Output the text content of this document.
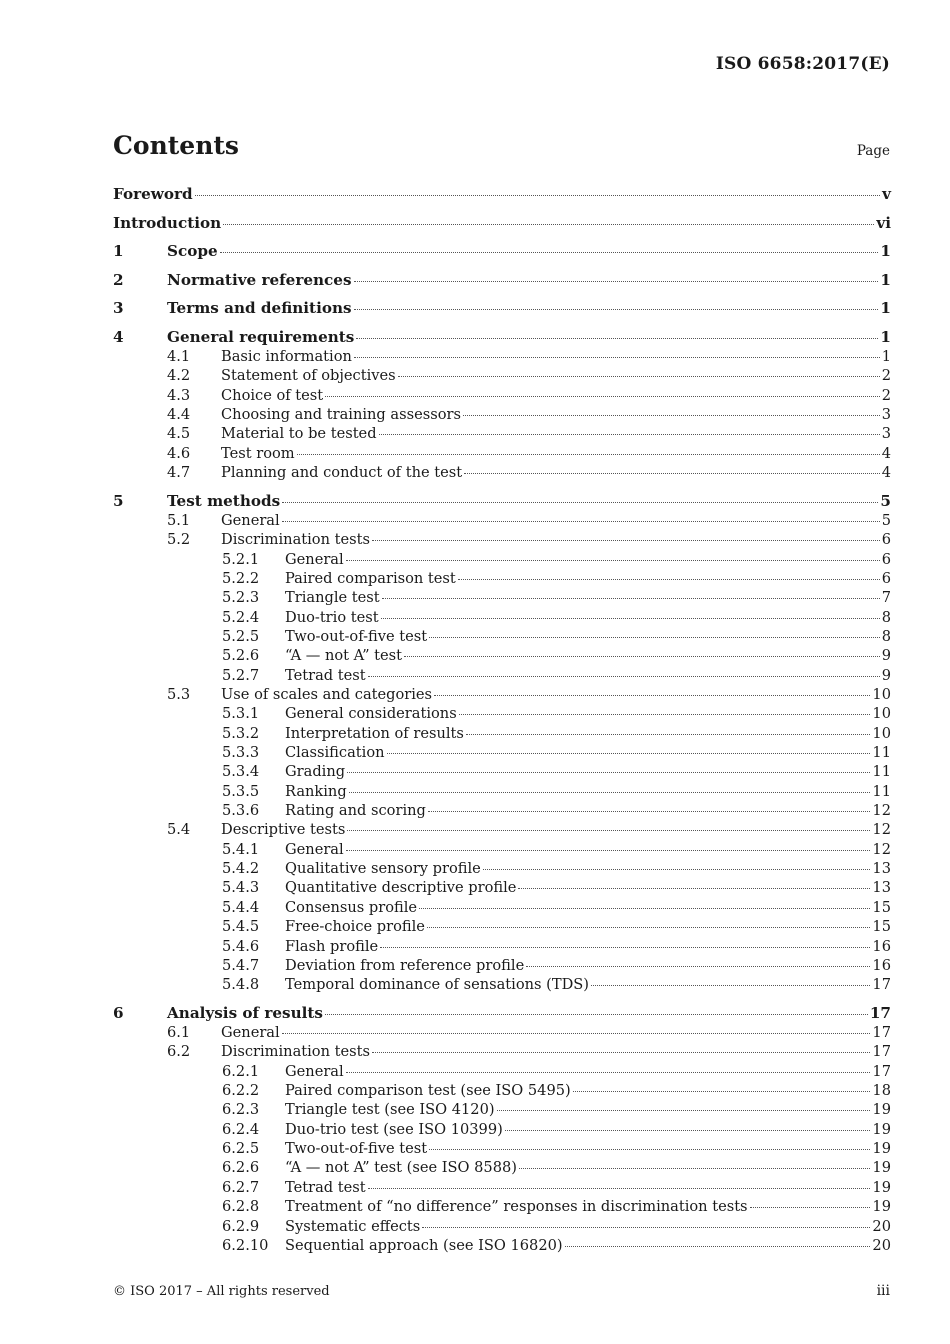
ISO 6658:2017(E)
Contents	Page
Foreword	v
Introduction	vi
1	Scope	1
2	Normative references	1
3	Terms and definitions	1
4	General requirements	1
4.1	Basic information	1
4.2	Statement of objectives	2
4.3	Choice of test	2
4.4	Choosing and training assessors	3
4.5	Material to be tested	3
4.6	Test room	4
4.7	Planning and conduct of the test	4
5	Test methods	5
5.1	General	5
5.2	Discrimination tests	6
5.2.1	General	6
5.2.2	Paired comparison test	6
5.2.3	Triangle test	7
5.2.4	Duo-trio test	8
5.2.5	Two-out-of-five test	8
5.2.6	“A — not A” test	9
5.2.7	Tetrad test	9
5.3	Use of scales and categories	10
5.3.1	General considerations	10
5.3.2	Interpretation of results	10
5.3.3	Classification	11
5.3.4	Grading	11
5.3.5	Ranking	11
5.3.6	Rating and scoring	12
5.4	Descriptive tests	12
5.4.1	General	12
5.4.2	Qualitative sensory profile	13
5.4.3	Quantitative descriptive profile	13
5.4.4	Consensus profile	15
5.4.5	Free-choice profile	15
5.4.6	Flash profile	16
5.4.7	Deviation from reference profile	16
5.4.8	Temporal dominance of sensations (TDS)	17
6	Analysis of results	17
6.1	General	17
6.2	Discrimination tests	17
6.2.1	General	17
6.2.2	Paired comparison test (see ISO 5495)	18
6.2.3	Triangle test (see ISO 4120)	19
6.2.4	Duo-trio test (see ISO 10399)	19
6.2.5	Two-out-of-five test	19
6.2.6	“A — not A” test (see ISO 8588)	19
6.2.7	Tetrad test	19
6.2.8	Treatment of “no difference” responses in discrimination tests	19
6.2.9	Systematic effects	20
6.2.10	Sequential approach (see ISO 16820)	20
© ISO 2017 – All rights reserved	iii
